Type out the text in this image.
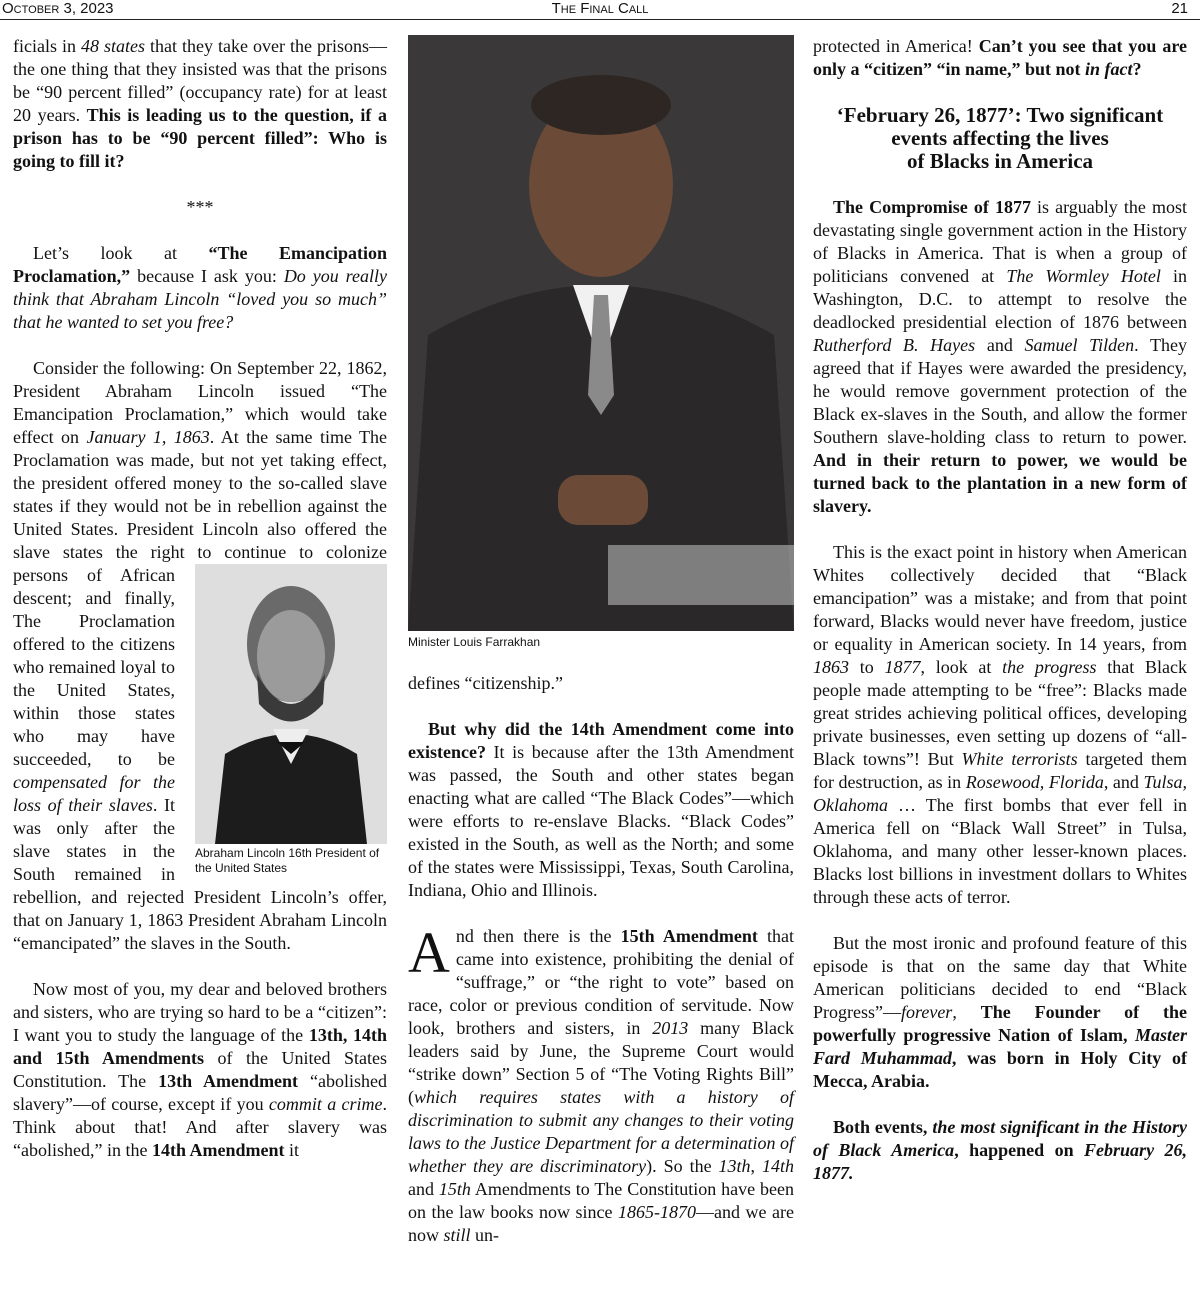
October 3, 2023	The Final Call	21

ficials in 48 states that they take over the prisons—the one thing that they insisted was that the prisons be “90 percent filled” (occupancy rate) for at least 20 years. This is leading us to the question, if a prison has to be “90 percent filled”: Who is going to fill it?

***

Let’s look at “The Emancipation Proclamation,” because I ask you: Do you really think that Abraham Lincoln “loved you so much” that he wanted to set you free?

Consider the following: On September 22, 1862, President Abraham Lincoln issued “The Emancipation Proclamation,” which would take effect on January 1, 1863. At the same time The Proclamation was made, but not yet taking effect, the president offered money to the so-called slave states if they would not be in rebellion against the United States. President Lincoln also offered the slave states the right to continue to colonize persons of African descent; and finally, The Proclamation offered to the citizens who remained loyal to the United States, within those states who may have succeeded, to be compensated for the loss of their slaves. It was only after the slave states in the South remained in rebellion, and rejected President Lincoln’s offer, that on January 1, 1863 President Abraham Lincoln “emancipated” the slaves in the South.

Now most of you, my dear and beloved brothers and sisters, who are trying so hard to be a “citizen”: I want you to study the language of the 13th, 14th and 15th Amendments of the United States Constitution. The 13th Amendment “abolished slavery”—of course, except if you commit a crime. Think about that! And after slavery was “abolished,” in the 14th Amendment it

Abraham Lincoln 16th President of the United States
Minister Louis Farrakhan

defines “citizenship.”

But why did the 14th Amendment come into existence? It is because after the 13th Amendment was passed, the South and other states began enacting what are called “The Black Codes”—which were efforts to re-enslave Blacks. “Black Codes” existed in the South, as well as the North; and some of the states were Mississippi, Texas, South Carolina, Indiana, Ohio and Illinois.

And then there is the 15th Amendment that came into existence, prohibiting the denial of “suffrage,” or “the right to vote” based on race, color or previous condition of servitude. Now look, brothers and sisters, in 2013 many Black leaders said by June, the Supreme Court would “strike down” Section 5 of “The Voting Rights Bill” (which requires states with a history of discrimination to submit any changes to their voting laws to the Justice Department for a determination of whether they are discriminatory). So the 13th, 14th and 15th Amendments to The Constitution have been on the law books now since 1865-1870—and we are now still un-

protected in America! Can’t you see that you are only a “citizen” “in name,” but not in fact?

‘February 26, 1877’: Two significant
events affecting the lives
of Blacks in America

The Compromise of 1877 is arguably the most devastating single government action in the History of Blacks in America. That is when a group of politicians convened at The Wormley Hotel in Washington, D.C. to attempt to resolve the deadlocked presidential election of 1876 between Rutherford B. Hayes and Samuel Tilden. They agreed that if Hayes were awarded the presidency, he would remove government protection of the Black ex-slaves in the South, and allow the former Southern slave-holding class to return to power. And in their return to power, we would be turned back to the plantation in a new form of slavery.

This is the exact point in history when American Whites collectively decided that “Black emancipation” was a mistake; and from that point forward, Blacks would never have freedom, justice or equality in American society. In 14 years, from 1863 to 1877, look at the progress that Black people made attempting to be “free”: Blacks made great strides achieving political offices, developing private businesses, even setting up dozens of “all-Black towns”! But White terrorists targeted them for destruction, as in Rosewood, Florida, and Tulsa, Oklahoma … The first bombs that ever fell in America fell on “Black Wall Street” in Tulsa, Oklahoma, and many other lesser-known places. Blacks lost billions in investment dollars to Whites through these acts of terror.

But the most ironic and profound feature of this episode is that on the same day that White American politicians decided to end “Black Progress”—forever, The Founder of the powerfully progressive Nation of Islam, Master Fard Muhammad, was born in Holy City of Mecca, Arabia.

Both events, the most significant in the History of Black America, happened on February 26, 1877.
